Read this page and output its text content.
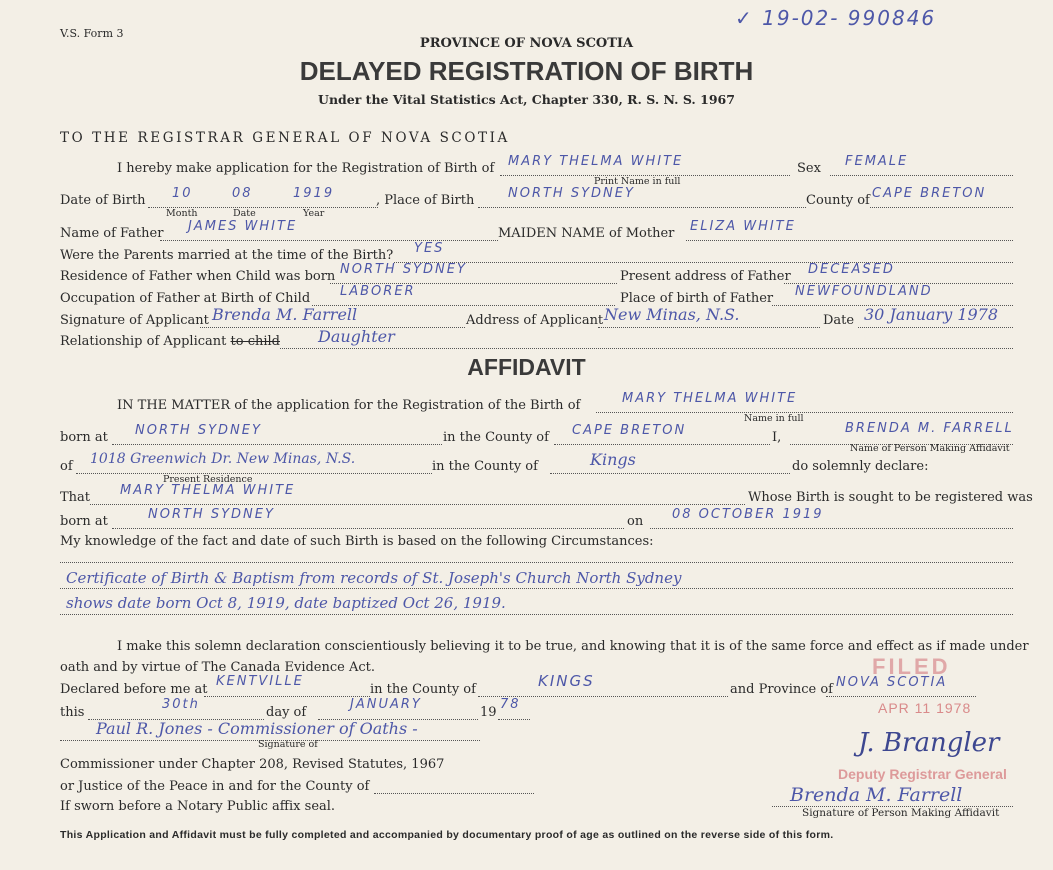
V.S. Form 3
✓ 19-02- 990846
PROVINCE OF NOVA SCOTIA
DELAYED REGISTRATION OF BIRTH
Under the Vital Statistics Act, Chapter 330, R. S. N. S. 1967
TO THE REGISTRAR GENERAL OF NOVA SCOTIA
I hereby make application for the Registration of Birth of MARY THELMA WHITE
Print Name in full
Sex FEMALE
Date of Birth 10	08	1919
Month	Date	Year
, Place of Birth	NORTH SYDNEY	County of CAPE BRETON
Name of Father JAMES WHITE	MAIDEN NAME of Mother ELIZA WHITE
Were the Parents married at the time of the Birth? YES
Residence of Father when Child was born NORTH SYDNEY	Present address of Father DECEASED
Occupation of Father at Birth of Child LABORER	Place of birth of Father NEWFOUNDLAND
Signature of Applicant Brenda M. Farrell	Address of Applicant New Minas, N.S.	Date 30 January 1978
Relationship of Applicant to child Daughter
AFFIDAVIT
IN THE MATTER of the application for the Registration of the Birth of	MARY THELMA WHITE
Name in full
born at NORTH SYDNEY	in the County of CAPE BRETON	I,
BRENDA M. FARRELL
Name of Person Making Affidavit
of 1018 Greenwich Dr. New Minas, N.S.
Present Residence
in the County of	Kings	do solemnly declare:
That MARY THELMA WHITE	Whose Birth is sought to be registered was
born at	NORTH SYDNEY	on 08 OCTOBER 1919
My knowledge of the fact and date of such Birth is based on the following Circumstances:
Certificate of Birth & Baptism from records of St. Joseph's Church North Sydney
shows date born Oct 8, 1919, date baptized Oct 26, 1919.
I make this solemn declaration conscientiously believing it to be true, and knowing that it is of the same force and effect as if made under
oath and by virtue of The Canada Evidence Act.
Declared before me at
KENTVILLE
in the County of	KINGS	and Province of NOVA SCOTIA
this
30th
day of
JANUARY
19
78
Paul R. Jones - Commissioner of Oaths -
Signature of
Commissioner under Chapter 208, Revised Statutes, 1967
or Justice of the Peace in and for the County of
If sworn before a Notary Public affix seal.
FILED
APR 11 1978
J. Brangler
Deputy Registrar General
Brenda M. Farrell
Signature of Person Making Affidavit
This Application and Affidavit must be fully completed and accompanied by documentary proof of age as outlined on the reverse side of this form.
